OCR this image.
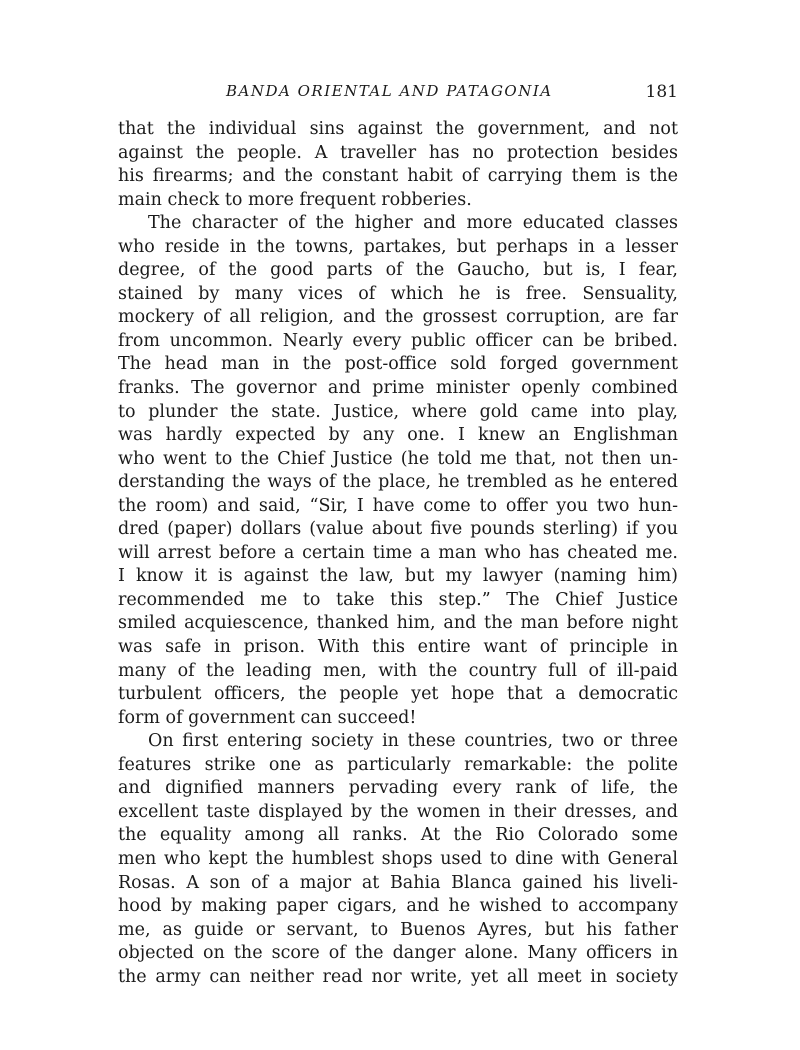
BANDA ORIENTAL AND PATAGONIA	181
that the individual sins against the government, and not
against the people. A traveller has no protection besides
his firearms; and the constant habit of carrying them is the
main check to more frequent robberies.
The character of the higher and more educated classes
who reside in the towns, partakes, but perhaps in a lesser
degree, of the good parts of the Gaucho, but is, I fear,
stained by many vices of which he is free. Sensuality,
mockery of all religion, and the grossest corruption, are far
from uncommon. Nearly every public officer can be bribed.
The head man in the post-office sold forged government
franks. The governor and prime minister openly combined
to plunder the state. Justice, where gold came into play,
was hardly expected by any one. I knew an Englishman
who went to the Chief Justice (he told me that, not then un-
derstanding the ways of the place, he trembled as he entered
the room) and said, “Sir, I have come to offer you two hun-
dred (paper) dollars (value about five pounds sterling) if you
will arrest before a certain time a man who has cheated me.
I know it is against the law, but my lawyer (naming him)
recommended me to take this step.” The Chief Justice
smiled acquiescence, thanked him, and the man before night
was safe in prison. With this entire want of principle in
many of the leading men, with the country full of ill-paid
turbulent officers, the people yet hope that a democratic
form of government can succeed!
On first entering society in these countries, two or three
features strike one as particularly remarkable: the polite
and dignified manners pervading every rank of life, the
excellent taste displayed by the women in their dresses, and
the equality among all ranks. At the Rio Colorado some
men who kept the humblest shops used to dine with General
Rosas. A son of a major at Bahia Blanca gained his liveli-
hood by making paper cigars, and he wished to accompany
me, as guide or servant, to Buenos Ayres, but his father
objected on the score of the danger alone. Many officers in
the army can neither read nor write, yet all meet in society
